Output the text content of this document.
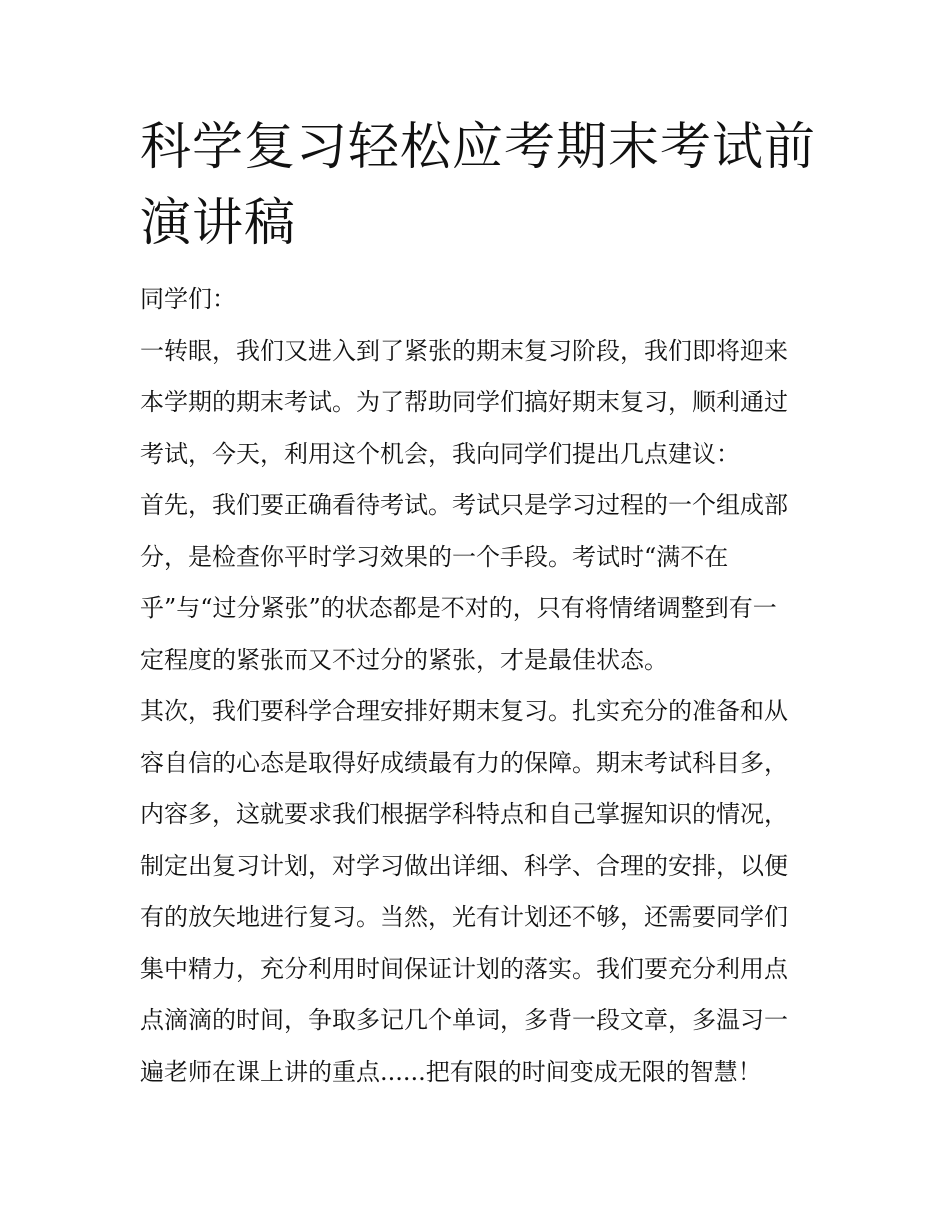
科学复习轻松应考期末考试前
演讲稿

同学们：

一转眼，我们又进入到了紧张的期末复习阶段，我们即将迎来
本学期的期末考试。为了帮助同学们搞好期末复习，顺利通过
考试，今天，利用这个机会，我向同学们提出几点建议：

首先，我们要正确看待考试。考试只是学习过程的一个组成部
分，是检查你平时学习效果的一个手段。考试时“满不在
乎”与“过分紧张”的状态都是不对的，只有将情绪调整到有一
定程度的紧张而又不过分的紧张，才是最佳状态。

其次，我们要科学合理安排好期末复习。扎实充分的准备和从
容自信的心态是取得好成绩最有力的保障。期末考试科目多，
内容多，这就要求我们根据学科特点和自己掌握知识的情况，
制定出复习计划，对学习做出详细、科学、合理的安排，以便
有的放矢地进行复习。当然，光有计划还不够，还需要同学们
集中精力，充分利用时间保证计划的落实。我们要充分利用点
点滴滴的时间，争取多记几个单词，多背一段文章，多温习一
遍老师在课上讲的重点......把有限的时间变成无限的智慧！
